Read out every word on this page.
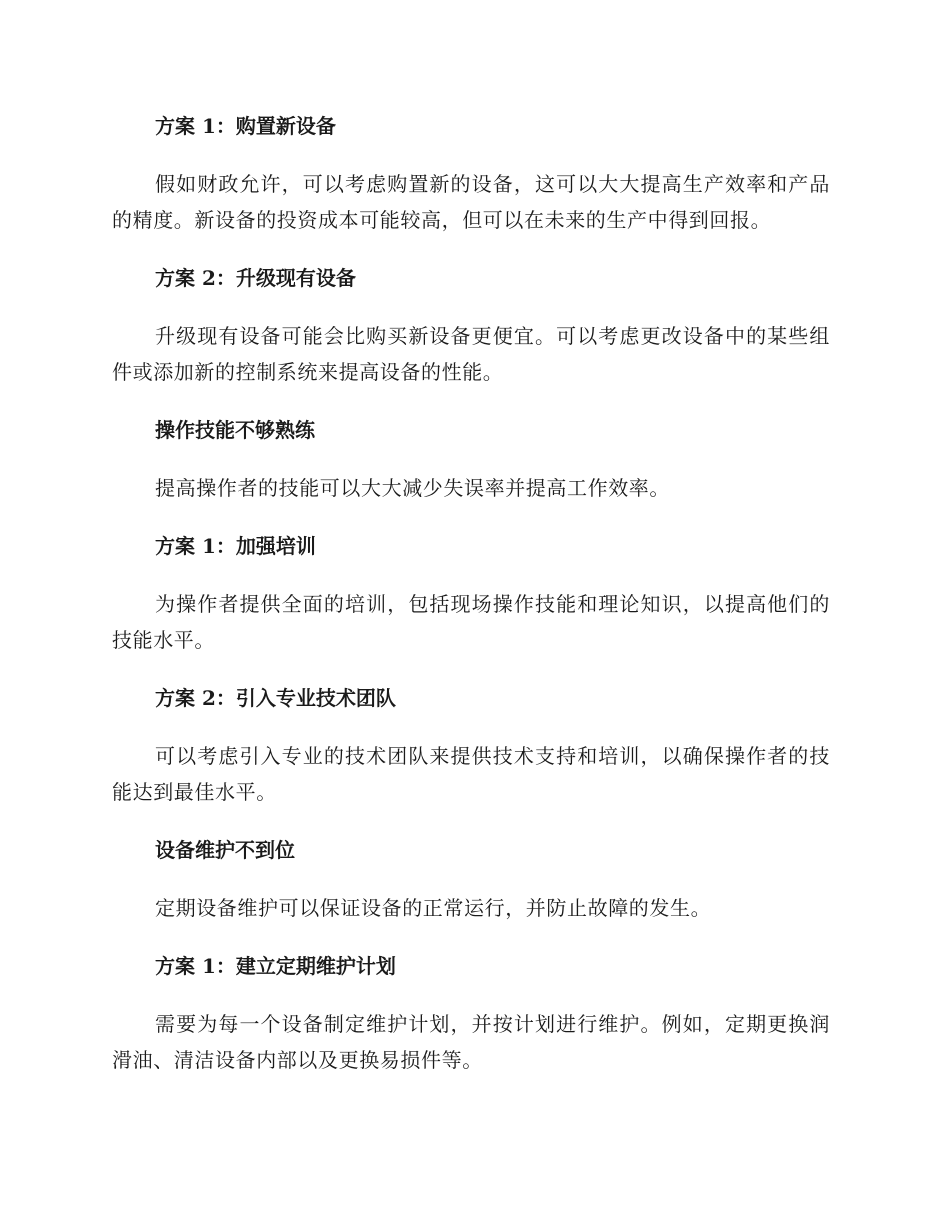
方案 1：购置新设备

假如财政允许，可以考虑购置新的设备，这可以大大提高生产效率和产品的精度。新设备的投资成本可能较高，但可以在未来的生产中得到回报。

方案 2：升级现有设备

升级现有设备可能会比购买新设备更便宜。可以考虑更改设备中的某些组件或添加新的控制系统来提高设备的性能。

操作技能不够熟练

提高操作者的技能可以大大减少失误率并提高工作效率。

方案 1：加强培训

为操作者提供全面的培训，包括现场操作技能和理论知识，以提高他们的技能水平。

方案 2：引入专业技术团队

可以考虑引入专业的技术团队来提供技术支持和培训，以确保操作者的技能达到最佳水平。

设备维护不到位

定期设备维护可以保证设备的正常运行，并防止故障的发生。

方案 1：建立定期维护计划

需要为每一个设备制定维护计划，并按计划进行维护。例如，定期更换润滑油、清洁设备内部以及更换易损件等。
